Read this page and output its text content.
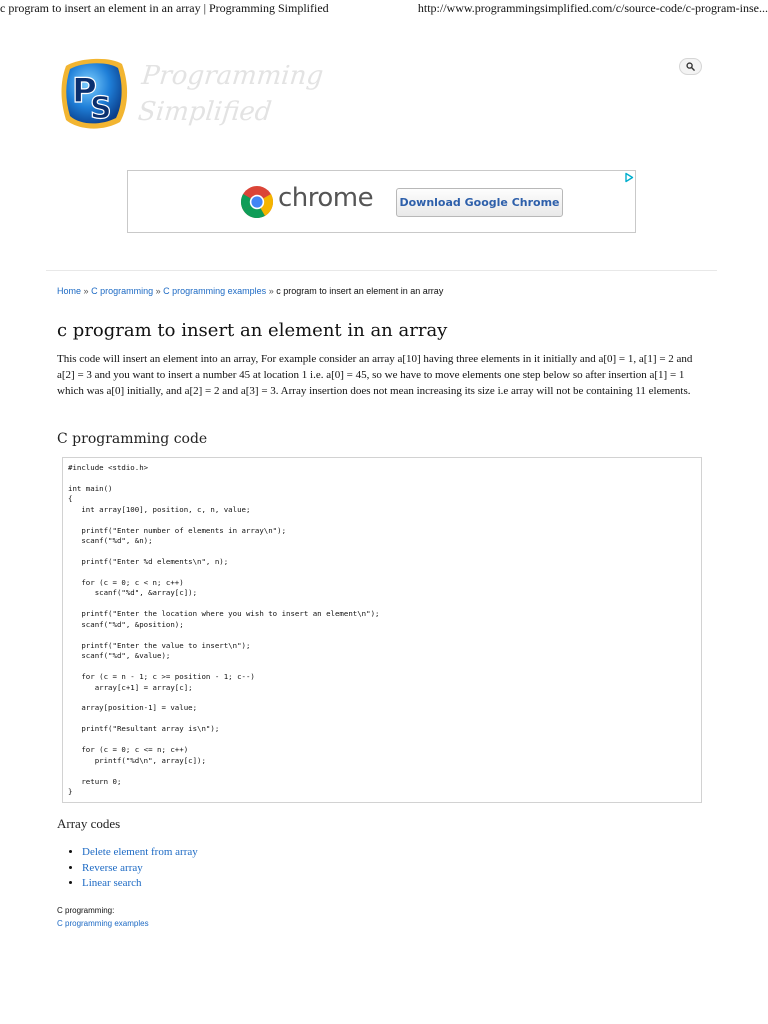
c program to insert an element in an array | Programming Simplified	http://www.programmingsimplified.com/c/source-code/c-program-inse...
P
S
Programming
Simplified
chrome	Download Google Chrome
Home » C programming » C programming examples » c program to insert an element in an array
c program to insert an element in an array

This code will insert an element into an array, For example consider an array a[10] having three elements in it initially and a[0] = 1, a[1] = 2 and a[2] = 3 and you want to insert a number 45 at location 1 i.e. a[0] = 45, so we have to move elements one step below so after insertion a[1] = 1 which was a[0] initially, and a[2] = 2 and a[3] = 3. Array insertion does not mean increasing its size i.e array will not be containing 11 elements.

C programming code
#include <stdio.h>

int main()
{
int array[100], position, c, n, value;

printf("Enter number of elements in array\n");
scanf("%d", &n);

printf("Enter %d elements\n", n);

for (c = 0; c < n; c++)
scanf("%d", &array[c]);

printf("Enter the location where you wish to insert an element\n");
scanf("%d", &position);

printf("Enter the value to insert\n");
scanf("%d", &value);

for (c = n - 1; c >= position - 1; c--)
array[c+1] = array[c];

array[position-1] = value;

printf("Resultant array is\n");

for (c = 0; c <= n; c++)
printf("%d\n", array[c]);

return 0;
}
Array codes
• Delete element from array
• Reverse array
• Linear search
C programming:
C programming examples
